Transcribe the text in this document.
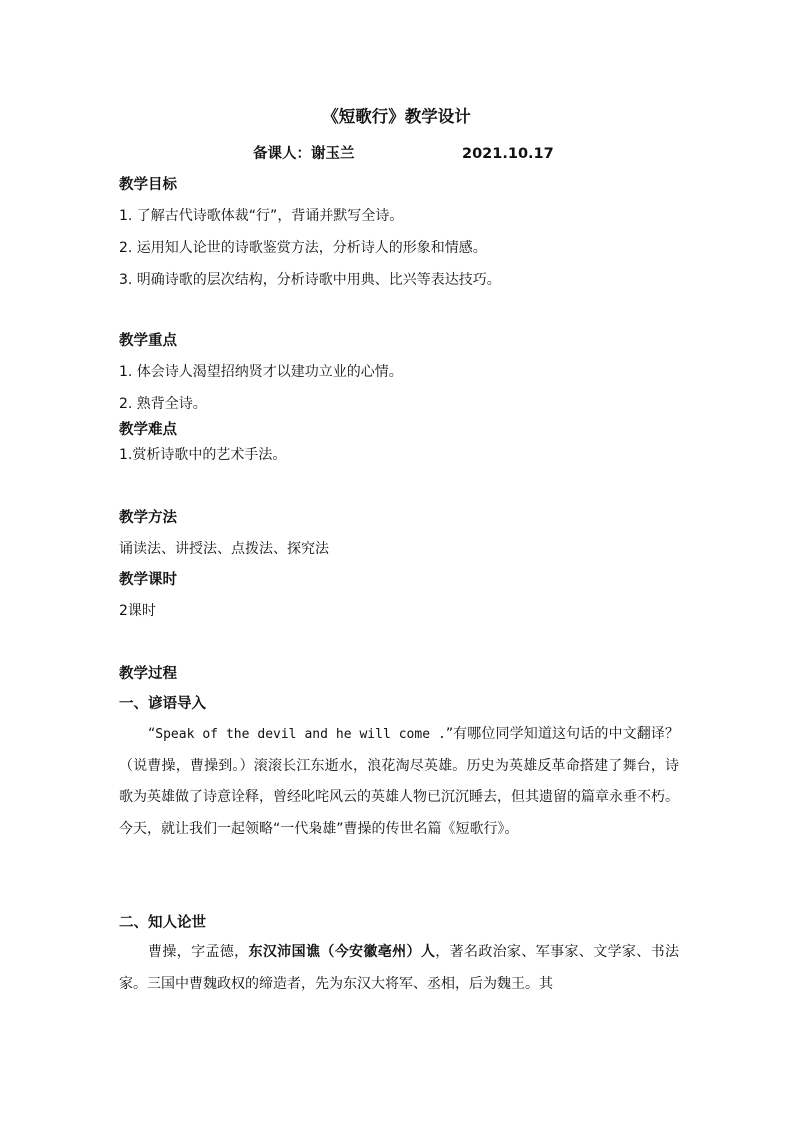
《短歌行》教学设计
备课人：谢玉兰	2021.10.17
教学目标
1. 了解古代诗歌体裁“行”，背诵并默写全诗。
2. 运用知人论世的诗歌鉴赏方法，分析诗人的形象和情感。
3. 明确诗歌的层次结构，分析诗歌中用典、比兴等表达技巧。
教学重点
1. 体会诗人渴望招纳贤才以建功立业的心情。
2. 熟背全诗。
教学难点
1.赏析诗歌中的艺术手法。
教学方法
诵读法、讲授法、点拨法、探究法
教学课时
2课时
教学过程
一、谚语导入

“Speak of the devil and he will come .”有哪位同学知道这句话的中文翻译？（说曹操，曹操到。）滚滚长江东逝水，浪花淘尽英雄。历史为英雄反革命搭建了舞台，诗歌为英雄做了诗意诠释，曾经叱咤风云的英雄人物已沉沉睡去，但其遗留的篇章永垂不朽。今天，就让我们一起领略“一代枭雄”曹操的传世名篇《短歌行》。

二、知人论世

曹操，字孟德，东汉沛国谯（今安徽亳州）人，著名政治家、军事家、文学家、书法家。三国中曹魏政权的缔造者，先为东汉大将军、丞相，后为魏王。其
